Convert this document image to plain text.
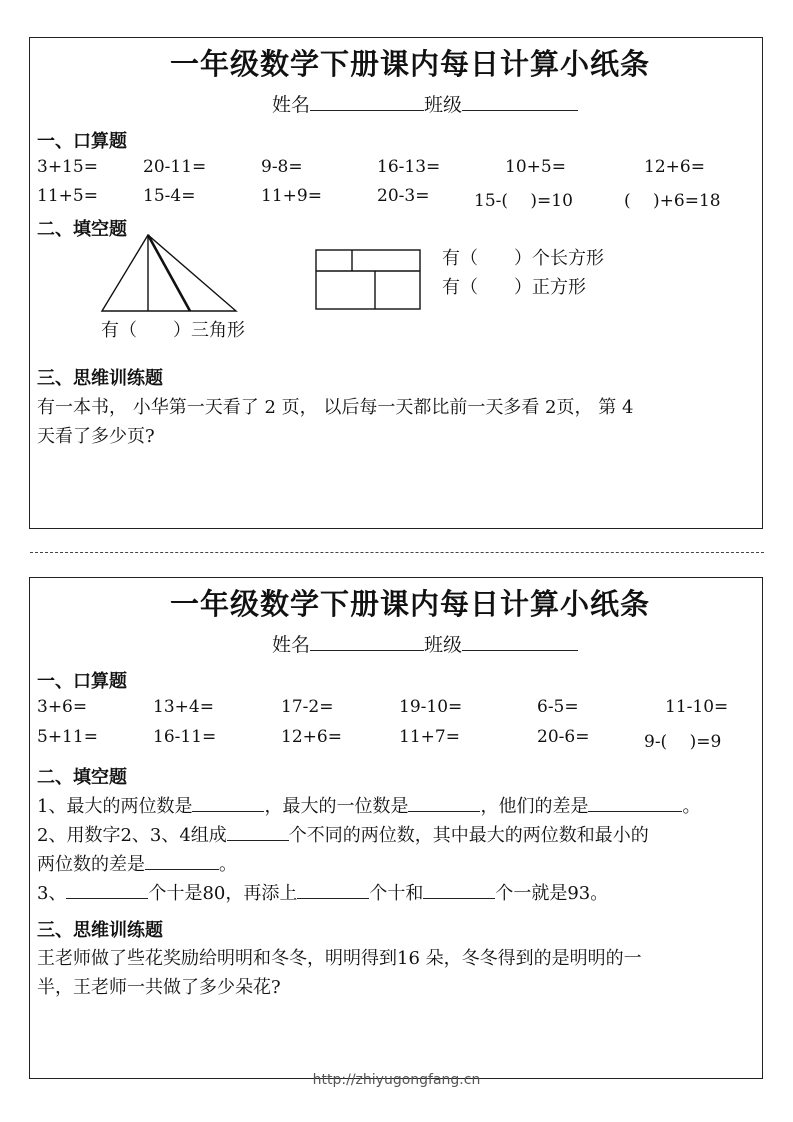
一年级数学下册课内每日计算小纸条
姓名	班级
一、口算题
3+15=	20-11=	9-8=	16-13=	10+5=	12+6=
11+5=	15-4=	11+9=	20-3=	15-(　 )=10	(　 )+6=18
二、填空题
有（　　）三角形
有（　　）个长方形
有（　　）正方形
三、思维训练题
有一本书， 小华第一天看了 2 页， 以后每一天都比前一天多看 2页， 第 4
天看了多少页?
一年级数学下册课内每日计算小纸条
姓名	班级
一、口算题
3+6=	13+4=	17-2=	19-10=	6-5=	11-10=
5+11=	16-11=	12+6=	11+7=	20-6=	9-(　 )=9
二、填空题
1、最大的两位数是	，最大的一位数是	，他们的差是	。
2、用数字2、3、4组成	个不同的两位数，其中最大的两位数和最小的
两位数的差是	。
3、	个十是80，再添上	个十和	个一就是93。
三、思维训练题
王老师做了些花奖励给明明和冬冬，明明得到16 朵，冬冬得到的是明明的一
半，王老师一共做了多少朵花?
http://zhiyugongfang.cn
